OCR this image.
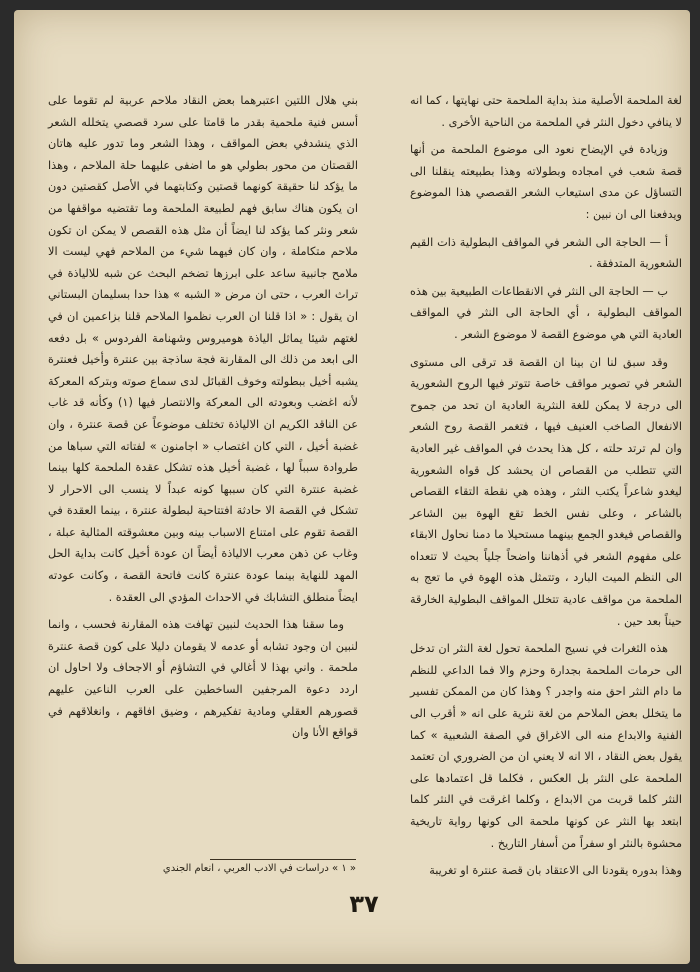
لغة الملحمة الأصلية منذ بداية الملحمة حتى نهايتها ، كما انه لا ينافي دخول النثر في الملحمة من الناحية الأخرى .

وزيادة في الإيضاح نعود الى موضوع الملحمة من أنها قصة شعب في امجاده وبطولاته وهذا بطبيعته ينقلنا الى التساؤل عن مدى استيعاب الشعر القصصي هذا الموضوع ويدفعنا الى ان نبين :

أ — الحاجة الى الشعر في المواقف البطولية ذات القيم الشعورية المتدفقة .

ب — الحاجة الى النثر في الانقطاعات الطبيعية بين هذه المواقف البطولية ، أي الحاجة الى النثر في المواقف العادية التي هي موضوع القصة لا موضوع الشعر .

وقد سبق لنا ان بينا ان القصة قد ترقى الى مستوى الشعر في تصوير مواقف خاصة تتوتر فيها الروح الشعورية الى درجة لا يمكن للغة النثرية العادية ان تحد من جموح الانفعال الصاخب العنيف فيها ، فتغمر القصة روح الشعر وان لم ترتد حلته ، كل هذا يحدث في المواقف غير العادية التي تتطلب من القصاص ان يحشد كل قواه الشعورية ليغدو شاعراً يكتب النثر ، وهذه هي نقطة التقاء القصاص بالشاعر ، وعلى نفس الخط تقع الهوة بين الشاعر والقصاص فيغدو الجمع بينهما مستحيلا ما دمنا نحاول الابقاء على مفهوم الشعر في أذهاننا واضحاً جلياً بحيث لا تتعداه الى النظم الميت البارد ، وتتمثل هذه الهوة في ما تعج به الملحمة من مواقف عادية تتخلل المواقف البطولية الخارقة حيناً بعد حين .

هذه الثغرات في نسيج الملحمة تحول لغة النثر ان تدخل الى حرمات الملحمة بجدارة وحزم والا فما الداعي للنظم ما دام النثر احق منه واجدر ؟ وهذا كان من الممكن تفسير ما يتخلل بعض الملاحم من لغة نثرية على انه « أقرب الى الفنية والابداع منه الى الاغراق في الصفة الشعبية » كما يقول بعض النقاد ، الا انه لا يعني ان من الضروري ان تعتمد الملحمة على النثر بل العكس ، فكلما قل اعتمادها على النثر كلما قربت من الابداع ، وكلما اغرقت في النثر كلما ابتعد بها النثر عن كونها ملحمة الى كونها رواية تاريخية محشوة بالنثر او سفراً من أسفار التاريخ .

وهذا بدوره يقودنا الى الاعتقاد بان قصة عنترة او تغريبة

بني هلال اللتين اعتبرهما بعض النقاد ملاحم عربية لم تقوما على أسس فنية ملحمية بقدر ما قامتا على سرد قصصي يتخلله الشعر الذي ينشدفي بعض المواقف ، وهذا الشعر وما تدور عليه هاتان القصتان من محور بطولي هو ما اضفى عليهما حلة الملاحم ، وهذا ما يؤكد لنا حقيقة كونهما قصتين وكتابتهما في الأصل كقصتين دون ان يكون هناك سابق فهم لطبيعة الملحمة وما تقتضيه مواقفها من شعر ونثر كما يؤكد لنا ايضاً أن مثل هذه القصص لا يمكن ان تكون ملاحم متكاملة ، وان كان فيهما شيء من الملاحم فهي ليست الا ملامح جانبية ساعد على ابرزها تضخم البحث عن شبه للالياذة في تراث العرب ، حتى ان مرض « الشبه » هذا حدا بسليمان البستاني ان يقول : « اذا قلنا ان العرب نظموا الملاحم قلنا بزاعمين ان في لغتهم شيئا يماثل الياذة هوميروس وشهنامة الفردوس » بل دفعه الى ابعد من ذلك الى المقارنة فجة ساذجة بين عنترة وأخيل فعنترة يشبه أخيل ببطولته وخوف القبائل لدى سماع صوته وبتركه المعركة لأنه اغضب وبعودته الى المعركة والانتصار فيها (١) وكأنه قد غاب عن الناقد الكريم ان الالياذة تختلف موضوعاً عن قصة عنترة ، وان غضبة أخيل ، التي كان اغتصاب « اجامنون » لفتاته التي سباها من طروادة سبباً لها ، غضبة أخيل هذه تشكل عقدة الملحمة كلها بينما غضبة عنترة التي كان سببها كونه عبداً لا ينسب الى الاحرار لا تشكل في القصة الا حادثة افتتاحية لبطولة عنترة ، بينما العقدة في القصة تقوم على امتناع الاسباب بينه وبين معشوقته المثالية عبلة ، وغاب عن ذهن معرب الالياذة أيضاً ان عودة أخيل كانت بداية الحل المهد للنهاية بينما عودة عنترة كانت فاتحة القصة ، وكانت عودته ايضاً منطلق التشابك في الاحداث المؤدي الى العقدة .

وما سقنا هذا الحديث لنبين تهافت هذه المقارنة فحسب ، وانما لنبين ان وجود تشابه أو عدمه لا يقومان دليلا على كون قصة عنترة ملحمة . واني بهذا لا أغالي في التشاؤم أو الاجحاف ولا احاول ان اردد دعوة المرجفين الساخطين على العرب الناعين عليهم قصورهم العقلي ومادية تفكيرهم ، وضيق افاقهم ، وانغلاقهم في قواقع الأنا وان

« ١ » دراسات في الادب العربي ، انعام الجندي
٣٧
